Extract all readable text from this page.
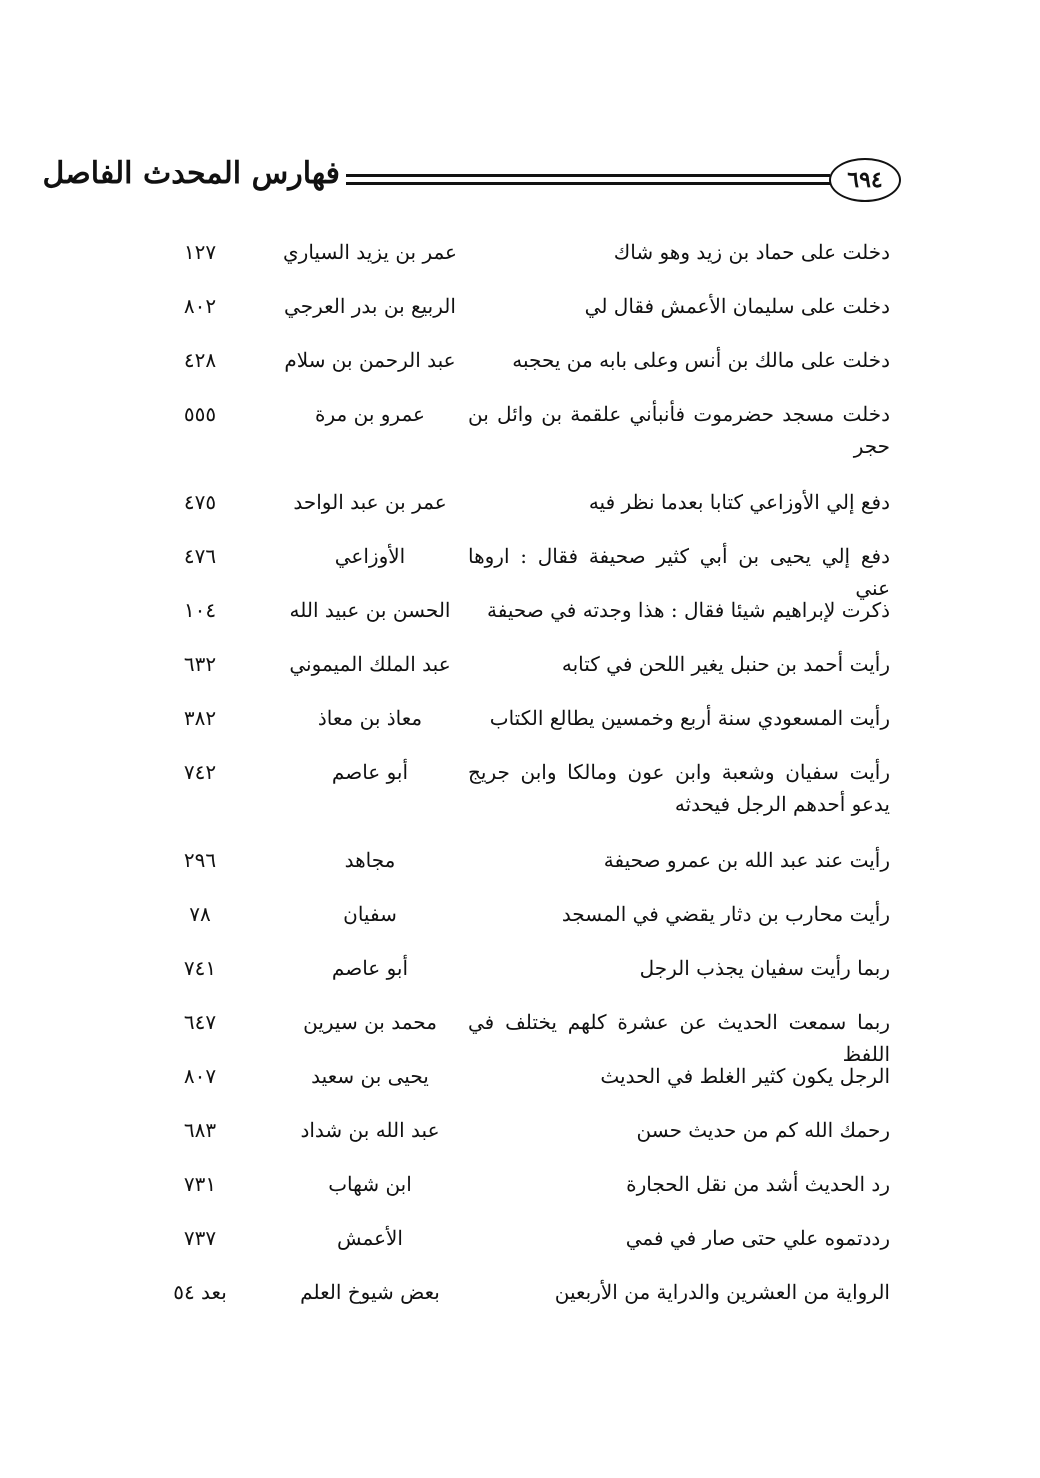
٦٩٤
فهارس المحدث الفاصل
دخلت على حماد بن زيد وهو شاك
عمر بن يزيد السياري
١٢٧
دخلت على سليمان الأعمش فقال لي
الربيع بن بدر العرجي
٨٠٢
دخلت على مالك بن أنس وعلى بابه من يحجبه
عبد الرحمن بن سلام
٤٢٨
دخلت مسجد حضرموت فأنبأني علقمة بن وائل بن حجر
عمرو بن مرة
٥٥٥
دفع إلي الأوزاعي كتابا بعدما نظر فيه
عمر بن عبد الواحد
٤٧٥
دفع إلي يحيى بن أبي كثير صحيفة فقال : اروها عني
الأوزاعي
٤٧٦
ذكرت لإبراهيم شيئا فقال : هذا وجدته في صحيفة
الحسن بن عبيد الله
١٠٤
رأيت أحمد بن حنبل يغير اللحن في كتابه
عبد الملك الميموني
٦٣٢
رأيت المسعودي سنة أربع وخمسين يطالع الكتاب
معاذ بن معاذ
٣٨٢
رأيت سفيان وشعبة وابن عون ومالكا وابن جريج يدعو أحدهم الرجل فيحدثه
أبو عاصم
٧٤٢
رأيت عند عبد الله بن عمرو صحيفة
مجاهد
٢٩٦
رأيت محارب بن دثار يقضي في المسجد
سفيان
٧٨
ربما رأيت سفيان يجذب الرجل
أبو عاصم
٧٤١
ربما سمعت الحديث عن عشرة كلهم يختلف في اللفظ
محمد بن سيرين
٦٤٧
الرجل يكون كثير الغلط في الحديث
يحيى بن سعيد
٨٠٧
رحمك الله كم من حديث حسن
عبد الله بن شداد
٦٨٣
رد الحديث أشد من نقل الحجارة
ابن شهاب
٧٣١
رددتموه علي حتى صار في فمي
الأعمش
٧٣٧
الرواية من العشرين والدراية من الأربعين
بعض شيوخ العلم
بعد ٥٤
